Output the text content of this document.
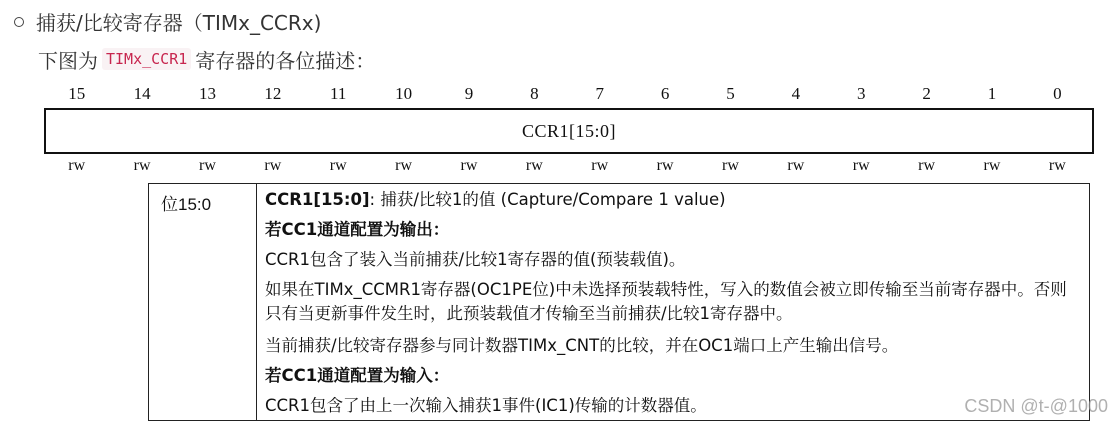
捕获/比较寄存器（TIMx_CCRx)
下图为 TIMx_CCR1 寄存器的各位描述：
15	14	13	12	11	10	9	8	7	6	5	4	3	2	1	0
CCR1[15:0]
rw	rw	rw	rw	rw	rw	rw	rw	rw	rw	rw	rw	rw	rw	rw	rw
位15:0	CCR1[15:0]: 捕获/比较1的值 (Capture/Compare 1 value)
若CC1通道配置为输出：
CCR1包含了装入当前捕获/比较1寄存器的值(预装载值)。
如果在TIMx_CCMR1寄存器(OC1PE位)中未选择预装载特性，写入的数值会被立即传输至当前寄存器中。否则只有当更新事件发生时，此预装载值才传输至当前捕获/比较1寄存器中。
当前捕获/比较寄存器参与同计数器TIMx_CNT的比较，并在OC1端口上产生输出信号。
若CC1通道配置为输入：
CCR1包含了由上一次输入捕获1事件(IC1)传输的计数器值。	CSDN @t-@1000
